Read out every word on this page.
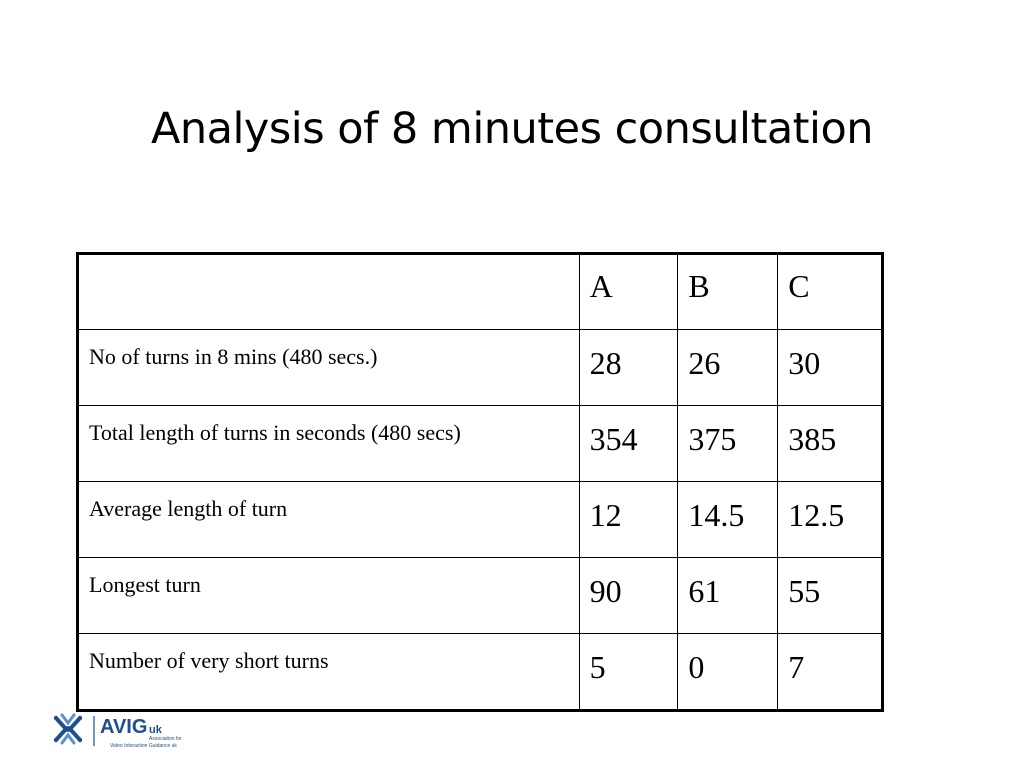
Analysis of 8 minutes consultation

	A	B	C

No of turns in 8 mins (480 secs.)	28	26	30

Total length of turns in seconds (480 secs)	354	375	385

Average length of turn	12	14.5	12.5

Longest turn	90	61	55

Number of very short turns	5	0	7
AVIG uk
Association for
Video Interaction Guidance uk
